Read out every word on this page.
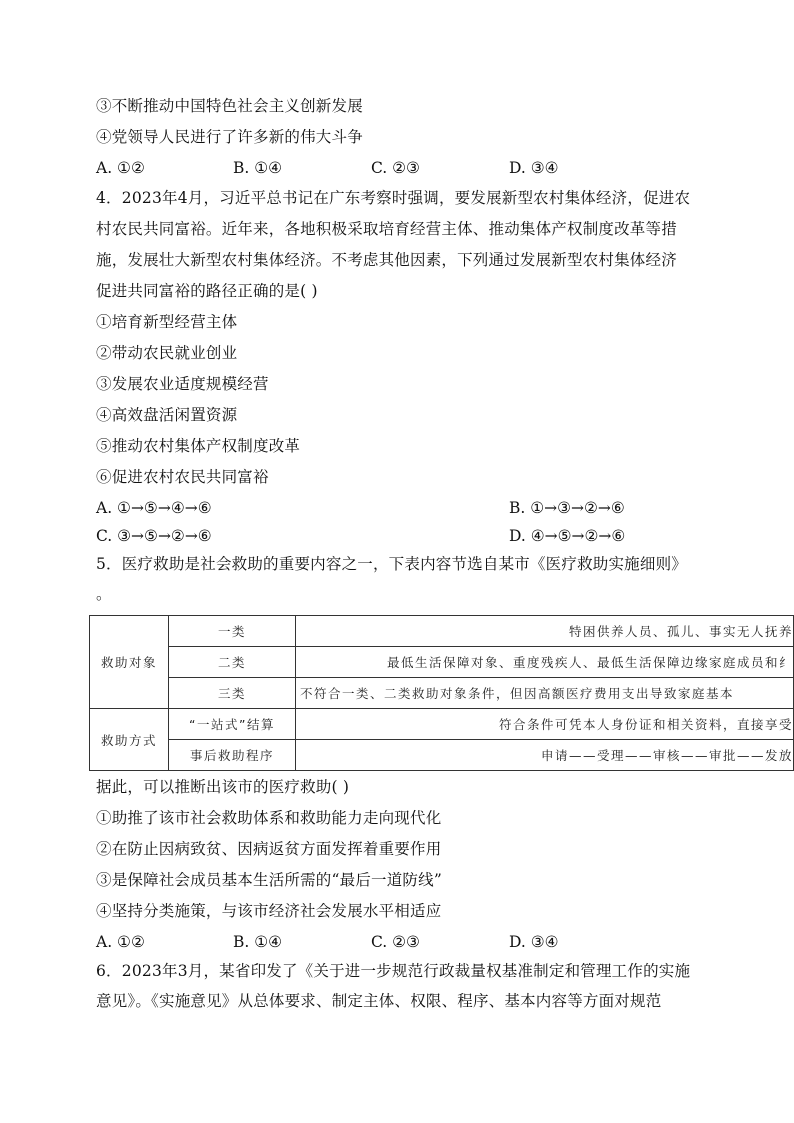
③不断推动中国特色社会主义创新发展
④党领导人民进行了许多新的伟大斗争
A. ①②	B. ①④	C. ②③	D. ③④
4．2023年4月，习近平总书记在广东考察时强调，要发展新型农村集体经济，促进农
村农民共同富裕。近年来，各地积极采取培育经营主体、推动集体产权制度改革等措
施，发展壮大新型农村集体经济。不考虑其他因素，下列通过发展新型农村集体经济
促进共同富裕的路径正确的是( )
①培育新型经营主体
②带动农民就业创业
③发展农业适度规模经营
④高效盘活闲置资源
⑤推动农村集体产权制度改革
⑥促进农村农民共同富裕
A. ①→⑤→④→⑥	B. ①→③→②→⑥
C. ③→⑤→②→⑥	D. ④→⑤→②→⑥
5．医疗救助是社会救助的重要内容之一，下表内容节选自某市《医疗救助实施细则》
。
救助对象	一类	特困供养人员、孤儿、事实无人抚养
	二类	最低生活保障对象、重度残疾人、最低生活保障边缘家庭成员和纟
	三类	不符合一类、二类救助对象条件，但因高额医疗费用支出导致家庭基本
救助方式	“一站式”结算	符合条件可凭本人身份证和相关资料，直接享受
	事后救助程序	申请——受理——审核——审批——发放
据此，可以推断出该市的医疗救助( )
①助推了该市社会救助体系和救助能力走向现代化
②在防止因病致贫、因病返贫方面发挥着重要作用
③是保障社会成员基本生活所需的“最后一道防线”
④坚持分类施策，与该市经济社会发展水平相适应
A. ①②	B. ①④	C. ②③	D. ③④
6．2023年3月，某省印发了《关于进一步规范行政裁量权基准制定和管理工作的实施
意见》。《实施意见》从总体要求、制定主体、权限、程序、基本内容等方面对规范
